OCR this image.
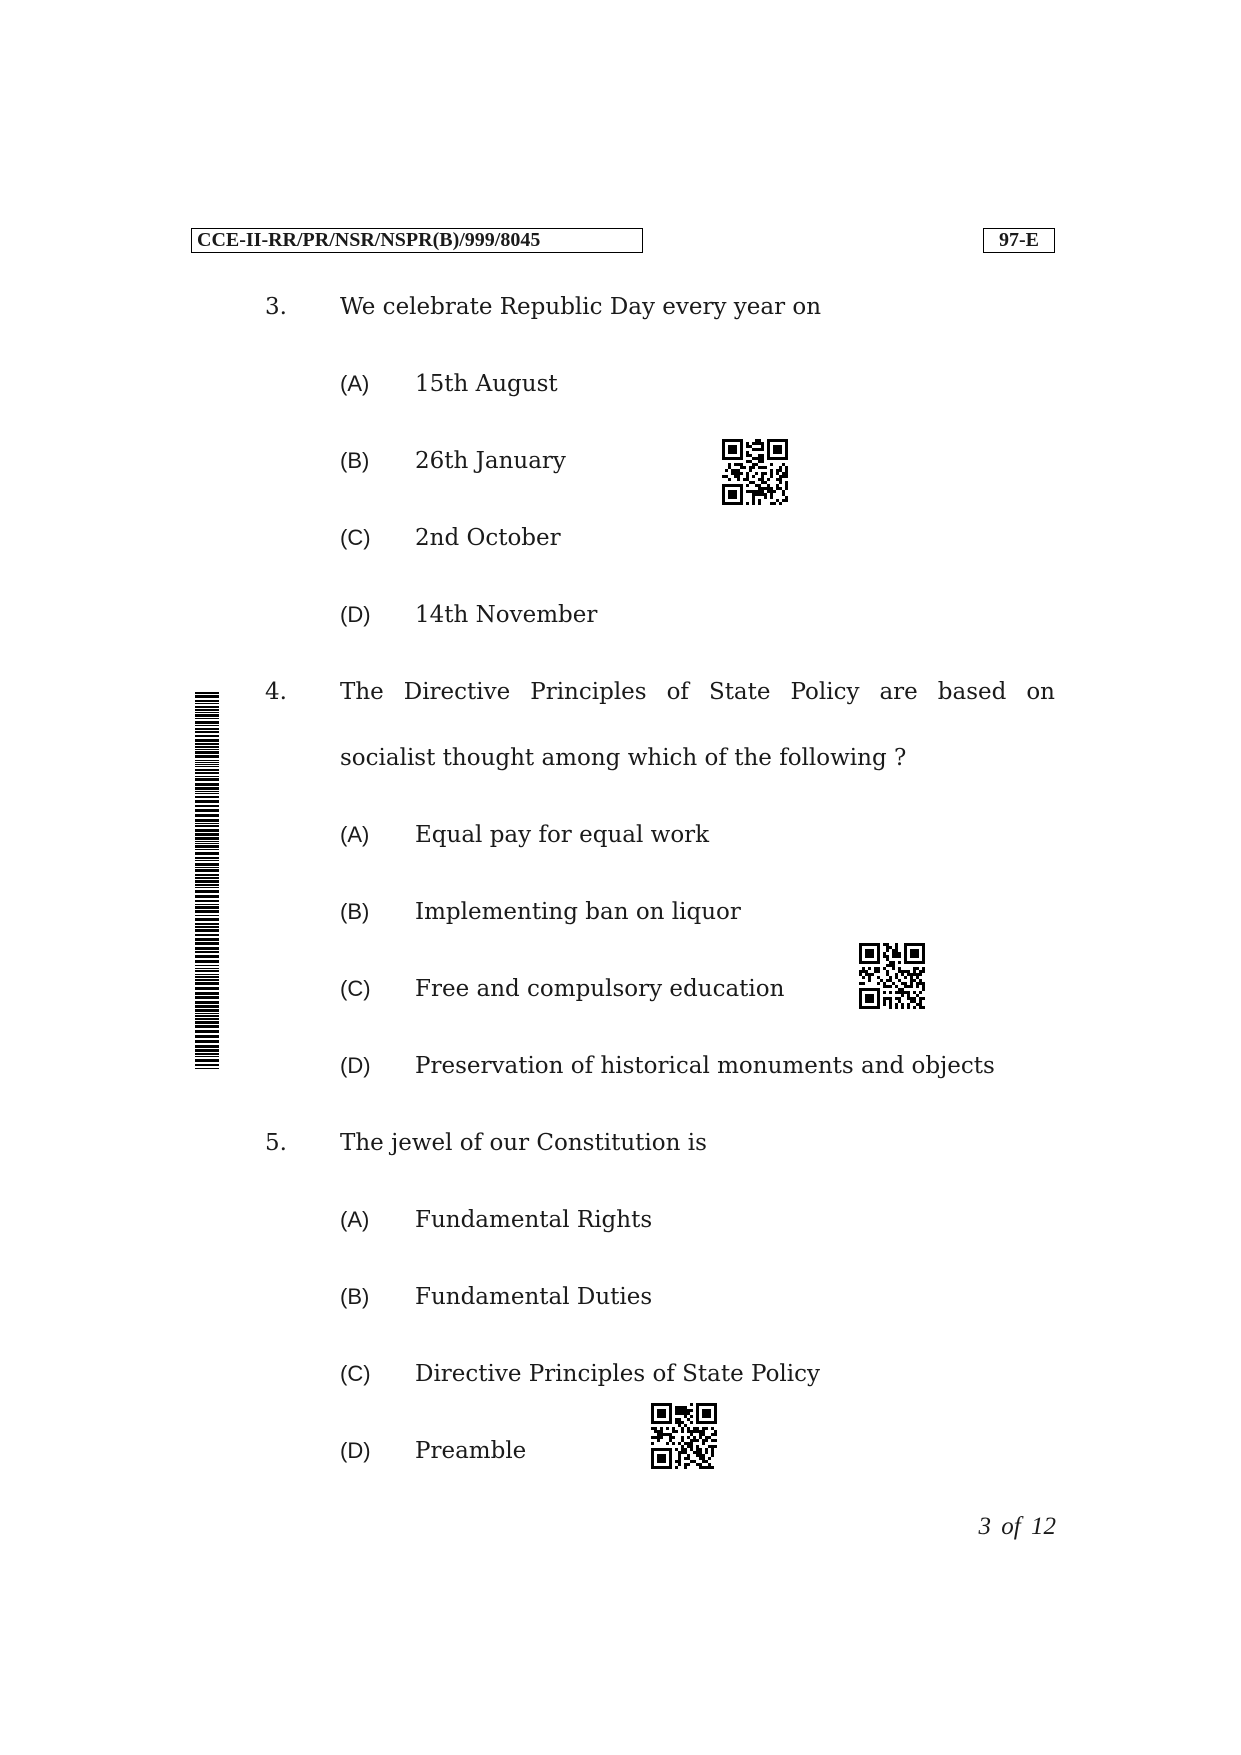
CCE-II-RR/PR/NSR/NSPR(B)/999/8045	97-E
3. We celebrate Republic Day every year on
(A) 15th August
(B) 26th January
(C) 2nd October
(D) 14th November
4. The Directive Principles of State Policy are based on
socialist thought among which of the following ?
(A) Equal pay for equal work
(B) Implementing ban on liquor
(C) Free and compulsory education
(D) Preservation of historical monuments and objects
5. The jewel of our Constitution is
(A) Fundamental Rights
(B) Fundamental Duties
(C) Directive Principles of State Policy
(D) Preamble
3 of 12
